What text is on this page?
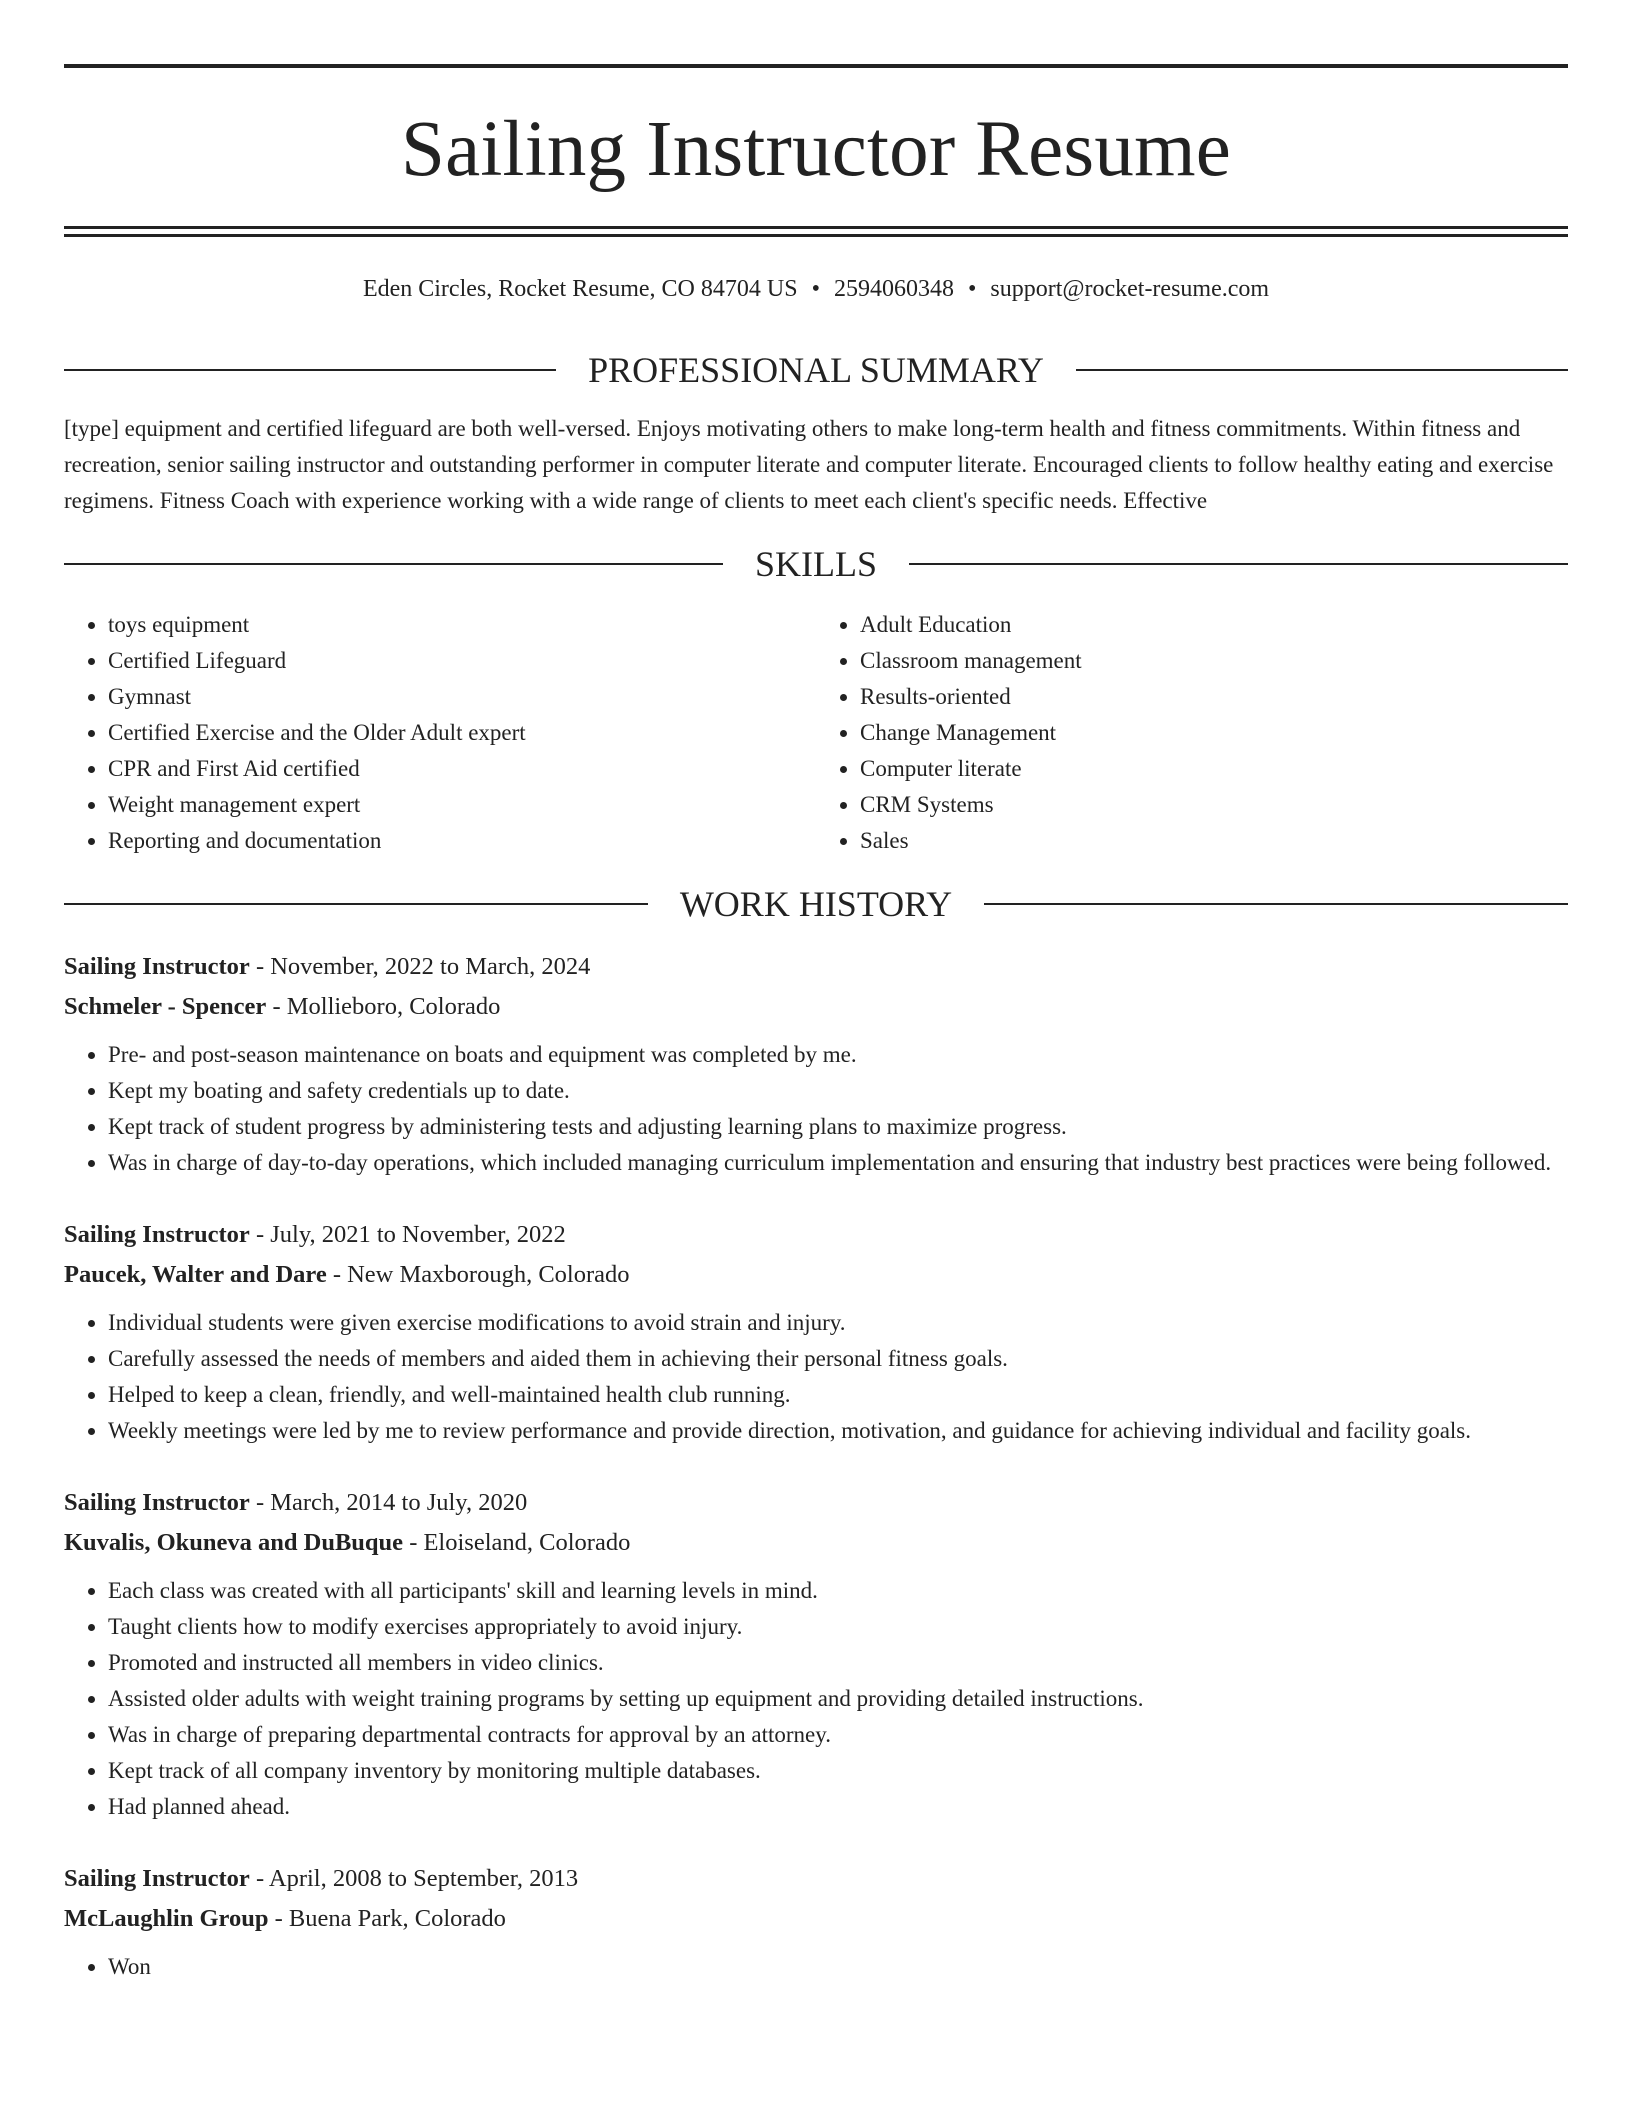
Sailing Instructor Resume
Eden Circles, Rocket Resume, CO 84704 US • 2594060348 • support@rocket-resume.com
PROFESSIONAL SUMMARY
[type] equipment and certified lifeguard are both well-versed. Enjoys motivating others to make long-term health and fitness commitments. Within fitness and recreation, senior sailing instructor and outstanding performer in computer literate and computer literate. Encouraged clients to follow healthy eating and exercise regimens. Fitness Coach with experience working with a wide range of clients to meet each client's specific needs. Effective
SKILLS
• toys equipment
• Certified Lifeguard
• Gymnast
• Certified Exercise and the Older Adult expert
• CPR and First Aid certified
• Weight management expert
• Reporting and documentation
• Adult Education
• Classroom management
• Results-oriented
• Change Management
• Computer literate
• CRM Systems
• Sales
WORK HISTORY
Sailing Instructor - November, 2022 to March, 2024
Schmeler - Spencer - Mollieboro, Colorado
• Pre- and post-season maintenance on boats and equipment was completed by me.
• Kept my boating and safety credentials up to date.
• Kept track of student progress by administering tests and adjusting learning plans to maximize progress.
• Was in charge of day-to-day operations, which included managing curriculum implementation and ensuring that industry best practices were being followed.
Sailing Instructor - July, 2021 to November, 2022
Paucek, Walter and Dare - New Maxborough, Colorado
• Individual students were given exercise modifications to avoid strain and injury.
• Carefully assessed the needs of members and aided them in achieving their personal fitness goals.
• Helped to keep a clean, friendly, and well-maintained health club running.
• Weekly meetings were led by me to review performance and provide direction, motivation, and guidance for achieving individual and facility goals.
Sailing Instructor - March, 2014 to July, 2020
Kuvalis, Okuneva and DuBuque - Eloiseland, Colorado
• Each class was created with all participants' skill and learning levels in mind.
• Taught clients how to modify exercises appropriately to avoid injury.
• Promoted and instructed all members in video clinics.
• Assisted older adults with weight training programs by setting up equipment and providing detailed instructions.
• Was in charge of preparing departmental contracts for approval by an attorney.
• Kept track of all company inventory by monitoring multiple databases.
• Had planned ahead.
Sailing Instructor - April, 2008 to September, 2013
McLaughlin Group - Buena Park, Colorado
• Won
